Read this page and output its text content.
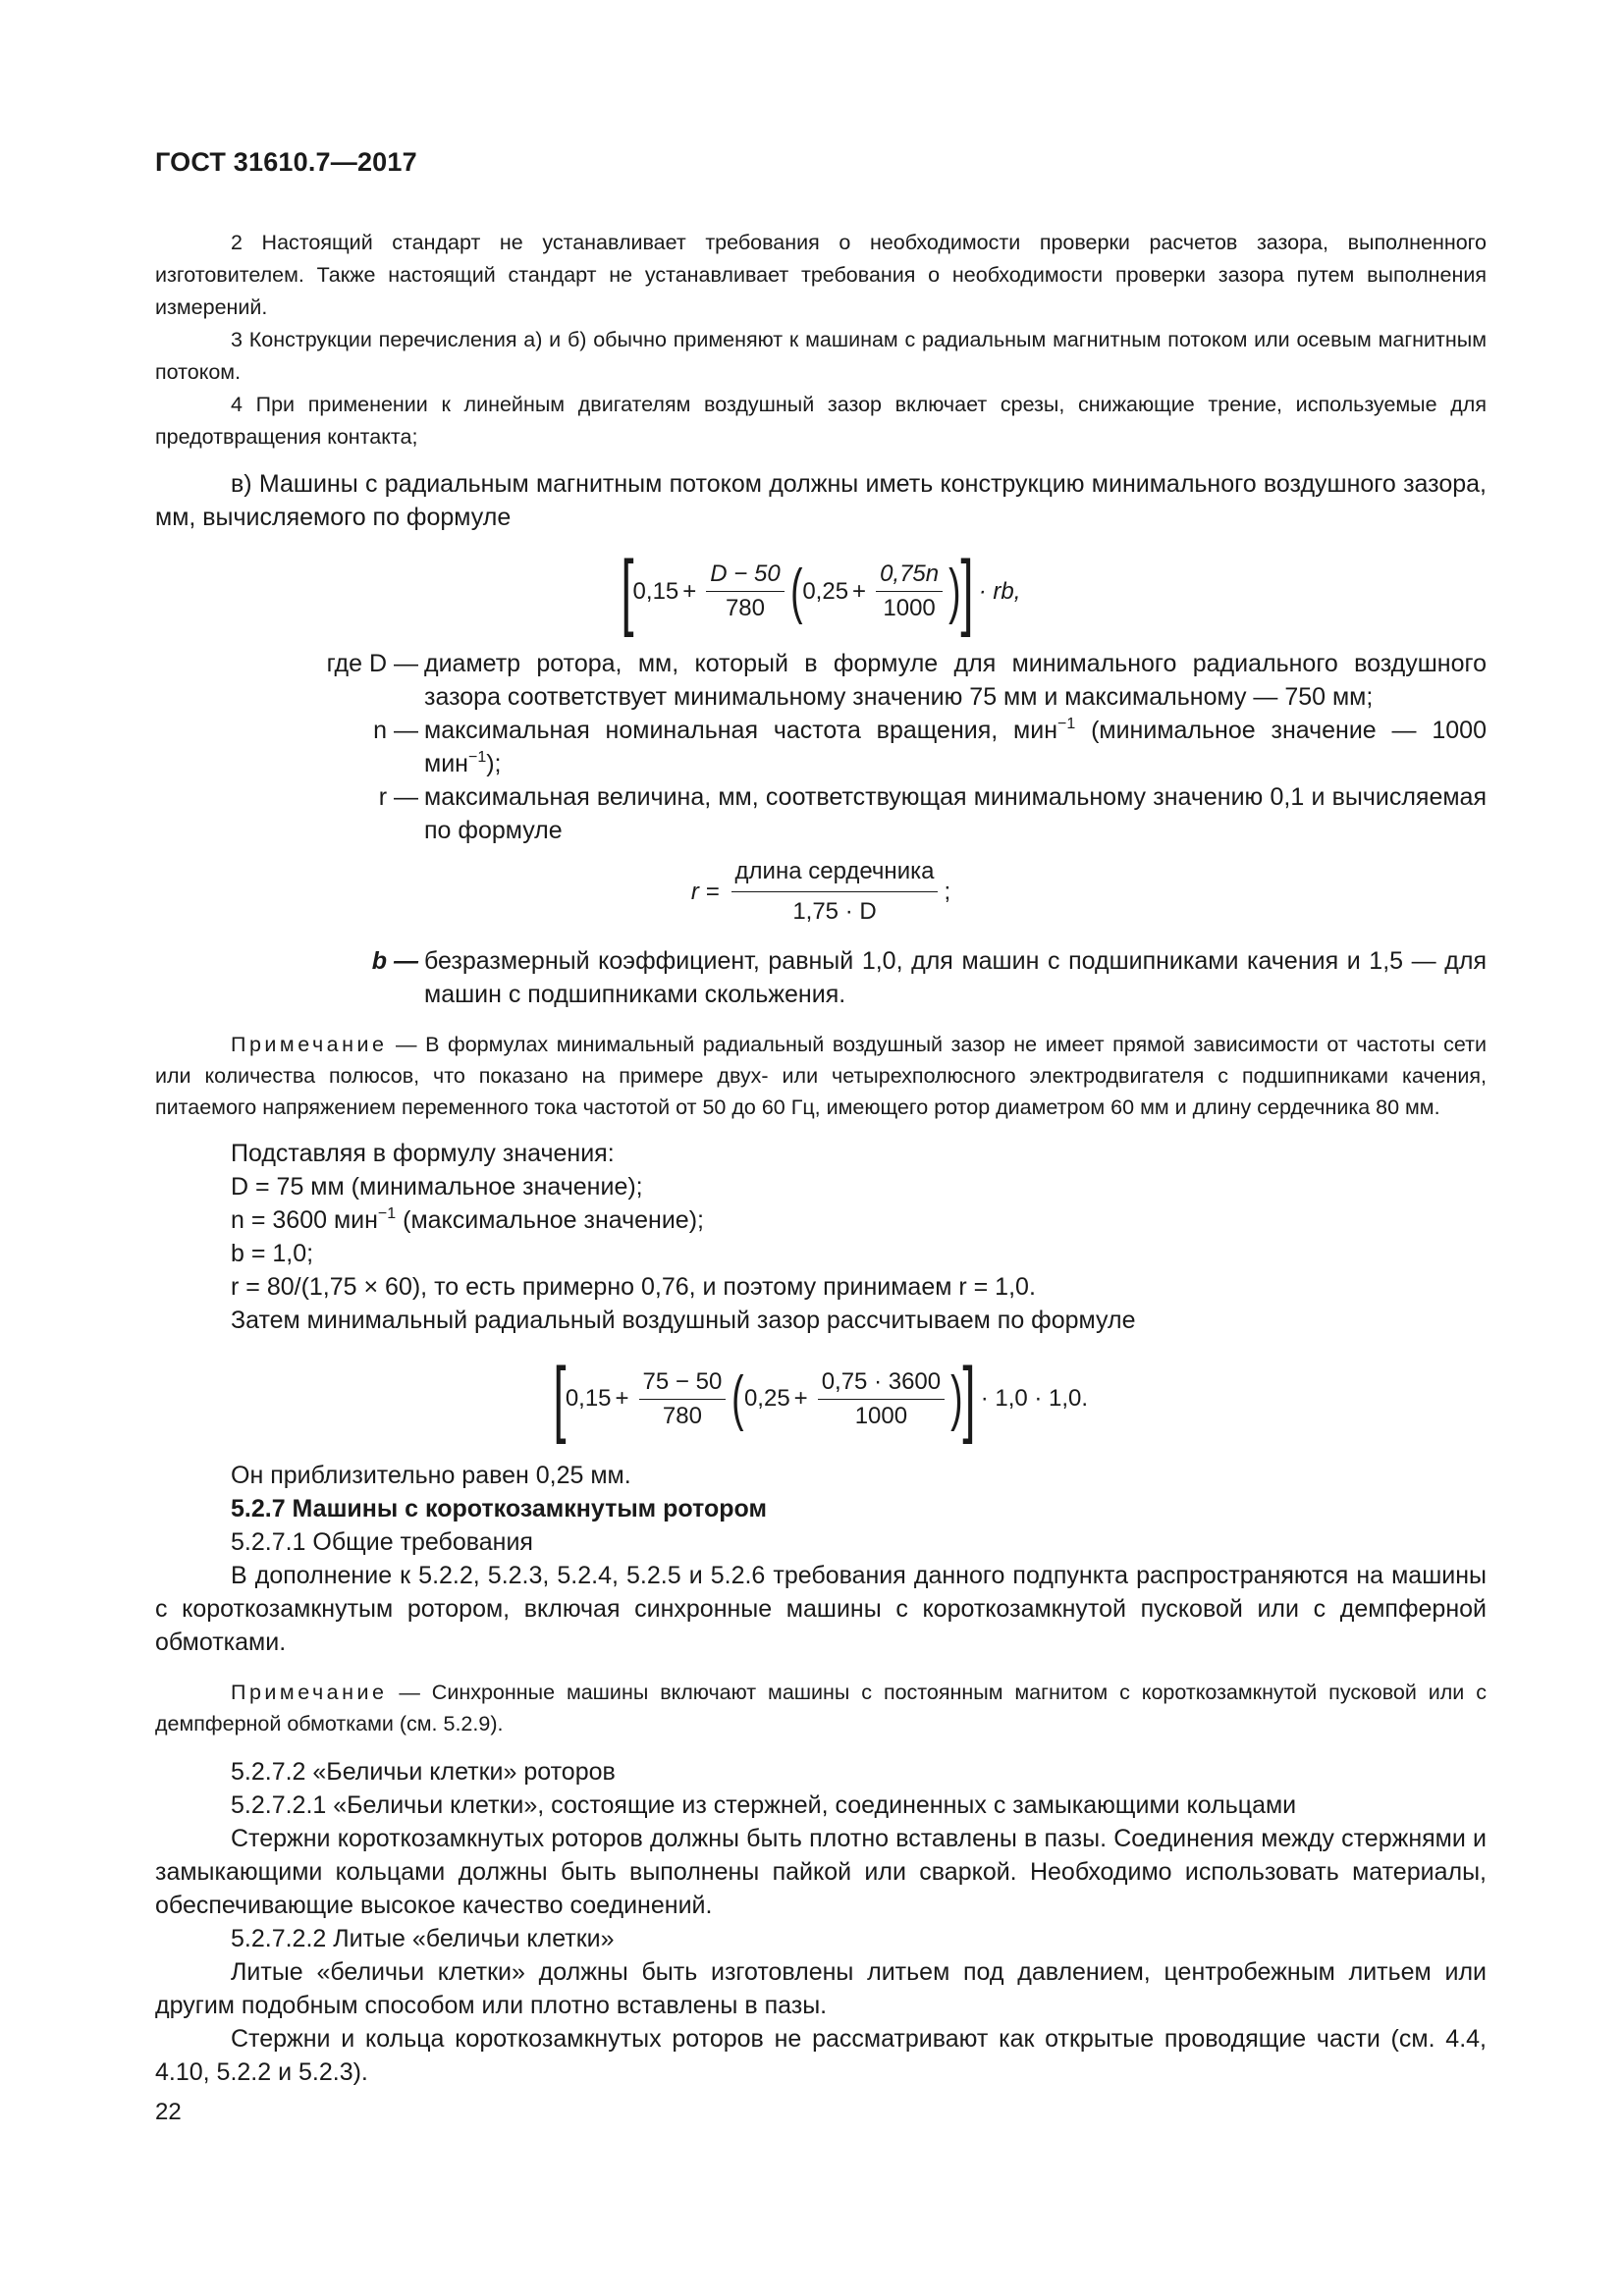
ГОСТ 31610.7—2017

2 Настоящий стандарт не устанавливает требования о необходимости проверки расчетов зазора, выполненного изготовителем. Также настоящий стандарт не устанавливает требования о необходимости проверки зазора путем выполнения измерений.

3 Конструкции перечисления а) и б) обычно применяют к машинам с радиальным магнитным потоком или осевым магнитным потоком.

4 При применении к линейным двигателям воздушный зазор включает срезы, снижающие трение, используемые для предотвращения контакта;

в) Машины с радиальным магнитным потоком должны иметь конструкцию минимального воздушного зазора, мм, вычисляемого по формуле

[ $0,15 + \frac{D - 50}{780}$ ( $0,25 + \frac{0,75n}{1000}$ ) ] · rb,
где D — диаметр ротора, мм, который в формуле для минимального радиального воздушного зазора соответствует минимальному значению 75 мм и максимальному — 750 мм;
n — максимальная номинальная частота вращения, мин$^{-1}$ (минимальное значение — 1000 мин$^{-1}$);
r — максимальная величина, мм, соответствующая минимальному значению 0,1 и вычисляемая по формуле
$r = \frac{\text{длина сердечника}}{1,75 \cdot D}$ ;
b — безразмерный коэффициент, равный 1,0, для машин с подшипниками качения и 1,5 — для машин с подшипниками скольжения.

Примечание — В формулах минимальный радиальный воздушный зазор не имеет прямой зависимости от частоты сети или количества полюсов, что показано на примере двух- или четырехполюсного электродвигателя с подшипниками качения, питаемого напряжением переменного тока частотой от 50 до 60 Гц, имеющего ротор диаметром 60 мм и длину сердечника 80 мм.

Подставляя в формулу значения:

D = 75 мм (минимальное значение);

n = 3600 мин$^{-1}$ (максимальное значение);

b = 1,0;

r = 80/(1,75 × 60), то есть примерно 0,76, и поэтому принимаем r = 1,0.

Затем минимальный радиальный воздушный зазор рассчитываем по формуле

[ $0,15 + \frac{75 - 50}{780}$ ( $0,25 + \frac{0,75 \cdot 3600}{1000}$ ) ] · 1,0 · 1,0.

Он приблизительно равен 0,25 мм.

5.2.7 Машины с короткозамкнутым ротором

5.2.7.1 Общие требования

В дополнение к 5.2.2, 5.2.3, 5.2.4, 5.2.5 и 5.2.6 требования данного подпункта распространяются на машины с короткозамкнутым ротором, включая синхронные машины с короткозамкнутой пусковой или с демпферной обмотками.

Примечание — Синхронные машины включают машины с постоянным магнитом с короткозамкнутой пусковой или с демпферной обмотками (см. 5.2.9).

5.2.7.2 «Беличьи клетки» роторов

5.2.7.2.1 «Беличьи клетки», состоящие из стержней, соединенных с замыкающими кольцами

Стержни короткозамкнутых роторов должны быть плотно вставлены в пазы. Соединения между стержнями и замыкающими кольцами должны быть выполнены пайкой или сваркой. Необходимо использовать материалы, обеспечивающие высокое качество соединений.

5.2.7.2.2 Литые «беличьи клетки»

Литые «беличьи клетки» должны быть изготовлены литьем под давлением, центробежным литьем или другим подобным способом или плотно вставлены в пазы.

Стержни и кольца короткозамкнутых роторов не рассматривают как открытые проводящие части (см. 4.4, 4.10, 5.2.2 и 5.2.3).

22
